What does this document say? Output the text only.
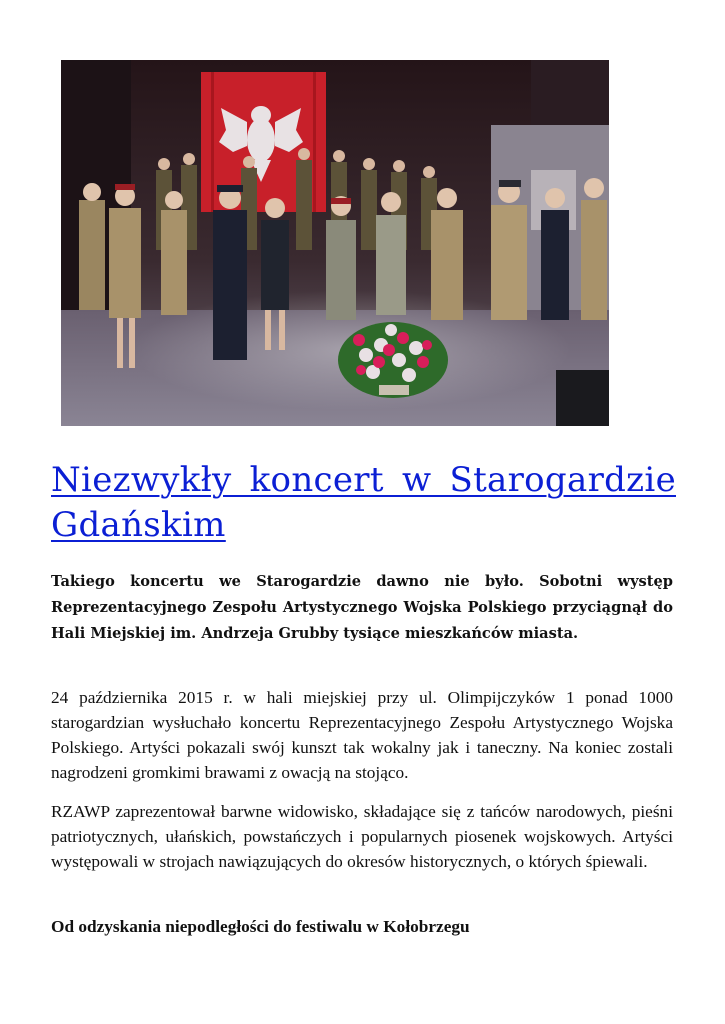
Niezwykły koncert w Starogardzie Gdańskim

Takiego koncertu we Starogardzie dawno nie było. Sobotni występ Reprezentacyjnego Zespołu Artystycznego Wojska Polskiego przyciągnął do Hali Miejskiej im. Andrzeja Grubby tysiące mieszkańców miasta.

24 października 2015 r. w hali miejskiej przy ul. Olimpijczyków 1 ponad 1000 starogardzian wysłuchało koncertu Reprezentacyjnego Zespołu Artystycznego Wojska Polskiego. Artyści pokazali swój kunszt tak wokalny jak i taneczny. Na koniec zostali nagrodzeni gromkimi brawami z owacją na stojąco.

RZAWP zaprezentował barwne widowisko, składające się z tańców narodowych, pieśni patriotycznych, ułańskich, powstańczych i popularnych piosenek wojskowych. Artyści występowali w strojach nawiązujących do okresów historycznych, o których śpiewali.

Od odzyskania niepodległości do festiwalu w Kołobrzegu
